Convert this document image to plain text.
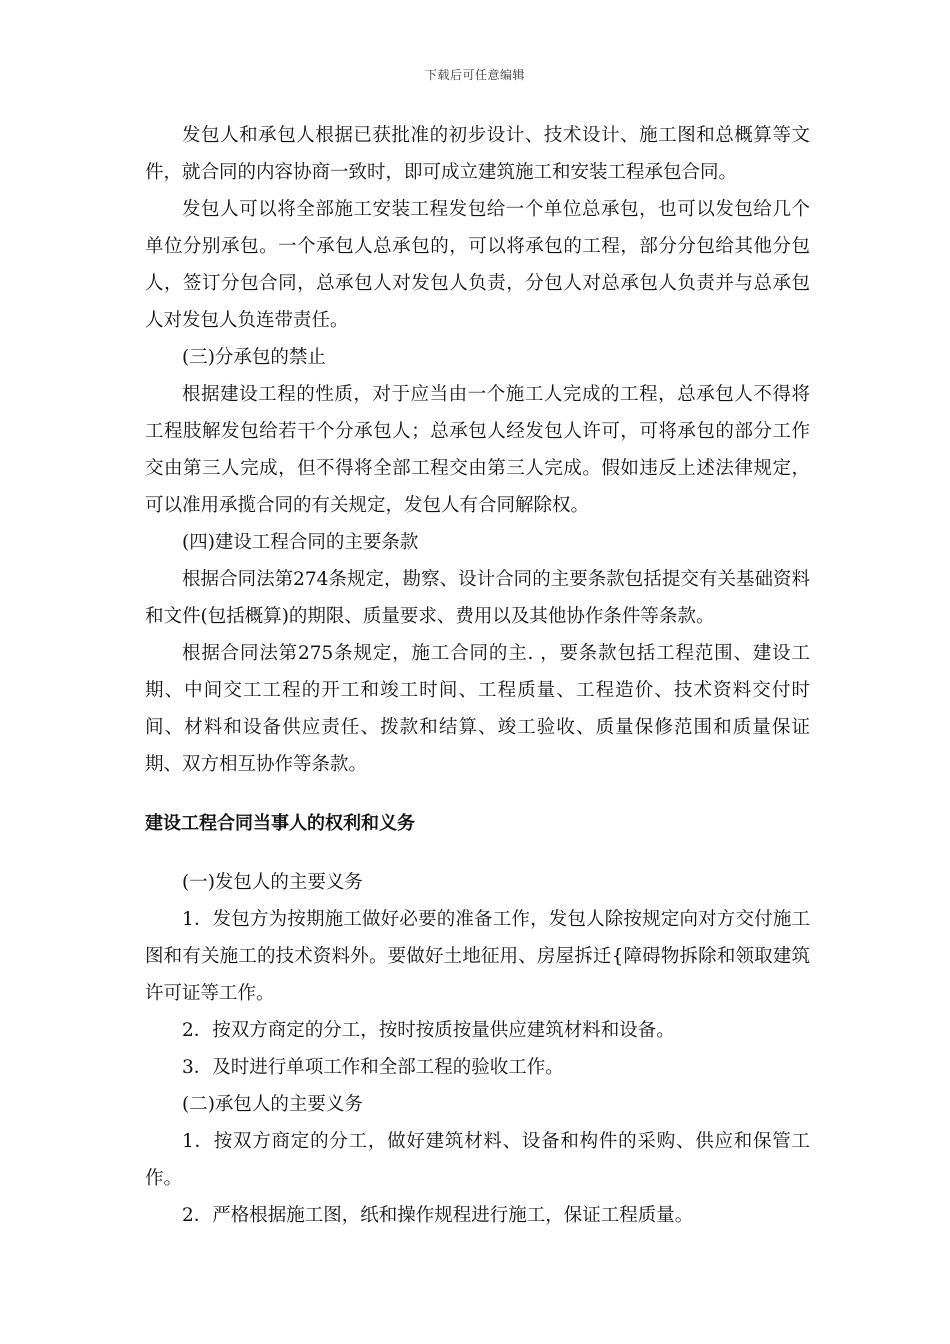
下载后可任意编辑

发包人和承包人根据已获批准的初步设计、技术设计、施工图和总概算等文件，就合同的内容协商一致时，即可成立建筑施工和安装工程承包合同。

发包人可以将全部施工安装工程发包给一个单位总承包，也可以发包给几个单位分别承包。一个承包人总承包的，可以将承包的工程，部分分包给其他分包人，签订分包合同，总承包人对发包人负责，分包人对总承包人负责并与总承包人对发包人负连带责任。

(三)分承包的禁止

根据建设工程的性质，对于应当由一个施工人完成的工程，总承包人不得将工程肢解发包给若干个分承包人；总承包人经发包人许可，可将承包的部分工作交由第三人完成，但不得将全部工程交由第三人完成。假如违反上述法律规定，可以准用承揽合同的有关规定，发包人有合同解除权。

(四)建设工程合同的主要条款

根据合同法第274条规定，勘察、设计合同的主要条款包括提交有关基础资料和文件(包括概算)的期限、质量要求、费用以及其他协作条件等条款。

根据合同法第275条规定，施工合同的主. ，要条款包括工程范围、建设工期、中间交工工程的开工和竣工时间、工程质量、工程造价、技术资料交付时间、材料和设备供应责任、拨款和结算、竣工验收、质量保修范围和质量保证期、双方相互协作等条款。

建设工程合同当事人的权利和义务

(一)发包人的主要义务

1．发包方为按期施工做好必要的准备工作，发包人除按规定向对方交付施工图和有关施工的技术资料外。要做好土地征用、房屋拆迁{障碍物拆除和领取建筑许可证等工作。

2．按双方商定的分工，按时按质按量供应建筑材料和设备。

3．及时进行单项工作和全部工程的验收工作。

(二)承包人的主要义务

1．按双方商定的分工，做好建筑材料、设备和构件的采购、供应和保管工作。

2．严格根据施工图，纸和操作规程进行施工，保证工程质量。
